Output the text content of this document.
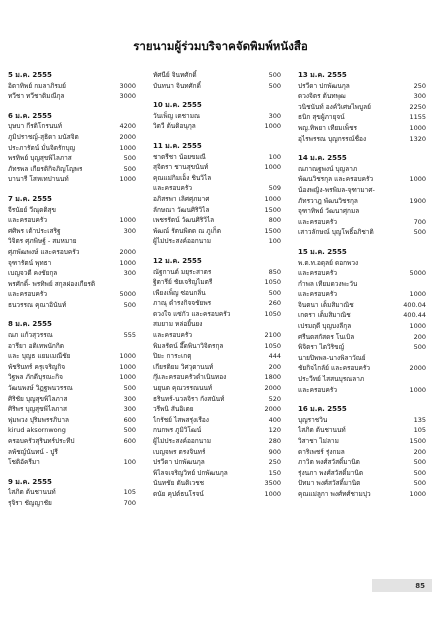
รายนามผู้ร่วมบริจาคจัดพิมพ์หนังสือ
5 ม.ค. 2555
อิตาทิพย์ กมลาภิรมย์	3000
ทวีชา ทวีชาติมณีกุล	3000
6 ม.ค. 2555
บุษบา กีรติโกรนนท์	4200
ภูมิปราชญ์-สุธิดา มนัสจิต	2000
ประภารัตน์ มั่นจิตรักบุญ	1000
พรทิพย์ บุญสุขพิไลภาส	500
ภัทรพล เกียรติกิจภิญโญพร	500
บานารี โสหเทปานนท์	1000
7 ม.ค. 2555
จีรนัยย์ วีณุตติสุข
และครอบครัว	1000
ศศิพร เต้าประเสริฐ	300
วิจิตร ศุภพิษฐ์ - สมหมาย
ศุภพัฒพงษ์ และครอบครัว	2000
จุฑารัตน์ พุทธา	1000
เบญจวดี คงชัยกุล	300
พรศักดิ์- พรทิพย์ สกุลผ่องเกียรติ
และครอบครัว	5000
ธนวรรณ คุณาอินันท์	500
8 ม.ค. 2555
ณภ แก้วสุวรรณ	555
อารียา อติเทพนักกิต
และ บุญธ แยมเมณีชัย	1000
พัชรินทร์ ครุเจริญกิจ	1000
วิฐพล ภักดีบุรณะกิจ	1000
วัฒนพงษ์ วิฏฐพนวรรณ	500
ศิริชัย บุญสุขพิไลภาส	300
ศิริพร บุญสุขพิไลภาส	300
พุ่มพวง ปุริมพรรภิบาล	600
kirud aksornwong	500
ครอบครัวสุรินทร์ประทีป	600
ลพัชญ์นันทน์ - ปูรี
โชติอัครีมา	100
9 ม.ค. 2555
ไสภิต ต้นชานนท์	105
รุจิรา ชัญญาชัย	700
ทัศนีย์ จินทศักดิ์	500
บันทนา จินทศักดิ์	500
10 ม.ค. 2555
วันเพ็ญ เตชามณ	300
วิตวี ต้นติอนุกุล	1000
11 ม.ค. 2555
ชาตรีชา น้อยขมณี	100
สุจิตรา ชานสุขนันท์	1000
คุณแม่กิมเอ็ง ชินวิไล
และครอบครัว	509
อภิสรพา เลิศศุภมาศ	1000
ลักษณา วัฒนศิริวิไล	1500
เพชรรัตน์ วัฒนศิริวิไล	800
พัฒณ์ รัตนพิตต ณ ภูเก็ต	1500
ผู้ไม่ประสงค์ออกนาม	100
12 ม.ค. 2555
ณัฐกานต์ มยุระสาตร	850
ฐิตารีย์ ชัยเจริญไมตรี	1050
เพียงเพ็ญ ซ่อนกลิ่น	500
ภาณุ ดำรงกิจจชัยพร	260
ดวงใจ แซ่กัว และครอบครัว	1050
สมยาม หล่อยิ้นยง
และครอบครัว	2100
พิมลรัตน์ อึ๊ดพินาวิจิตรกุล	1050
ปิยะ การะเกตุ	444
เกียรติยม วิศวุตานนท์	200
กุ๊และครอบครัวดำเนินทอง	1800
นยุนต คุณวรรณนนท์	2000
ธรินทร์-นวลจิรา กังสนันท์	520
วรีพนิ สันอิเตย	2000
ไกรัชย์ ไสพสรุ่งเรือง	400
กนกพร ภูมิวิโฒน์	120
ผู้ไม่ประสงค์ออกนาม	280
เบญจพร ตรงจินทร์	900
ปรวีดา ปกพัฒนกุล	250
พิไลจเจริญวิทย์ ปกพัฒนกุล	150
นันทชัย ตันติเวชช	3500
ดนัย คุปต์ธนโรจน์	1000
13 ม.ค. 2555
ปรวีดา ปกพัฒนกุล	250
ดวงจิตร ต้นทพุฒ	300
วนิชนันท์ องค์วิเศษไพบูลย์	2250
ธนิก สุขผู้ภายุจน์	1155
พญ.ทิพยา เทียมเพ็ชร	1000
อุไรพรรณ บุญกรรณ์ชื่อง	1320
14 ม.ค. 2555
ณภาณฐพงน์ บุญลาภ
พัฒนวิชรกุล และครอบครัว	1000
น้องพญิง-พรพิมล-จุฑามาศ-
ภัทรวาฎ พัฒนวิชรกุล	1900
จุฑาทิพย์ วัฒนาศุกมล
และครอบครัว	700
เสาวลักษณ์ บุญโพธิ์อภิชาติ	500
15 ม.ค. 2555
พ.ต.ท.อดุลย์ ดอกพวง
และครอบครัว	5000
กำพล เทียมดวงพะวัน
และครอบครัว	1000
จินตนา เต็มสิมาณิช	400.04
เกตรา เต็มสิมาณิช	400.44
เปรมฤดี บุญบงลีกุล	1000
ศรีนตสกัสดร โนเบิล	200
พิจิตรา ไตวิริขญ์	500
นายปิพพล-นางพิลาวัณย์
ชัยกิจไกลัย์ และครอบครัว	2000
ประวีทย์ ไสสนบุรณลาภ
และครอบครัว	1000
16 ม.ค. 2555
บุญราชวิน	135
ไสภิต ต้นชานนท์	105
วิสาชา ไม่ลาม	1500
ดาริเพชร์ รุ่งกมล	200
ภาวิต พงศ์สวัสดิ์มานิต	500
รุ่งนภา พงศ์สวัสดิ์มานิต	500
ปัทมา พงศ์สวัสดิ์มานิต	500
คุณแม่ลูกา พงศ์ทศ์ชามบุ่ว	1000
85
